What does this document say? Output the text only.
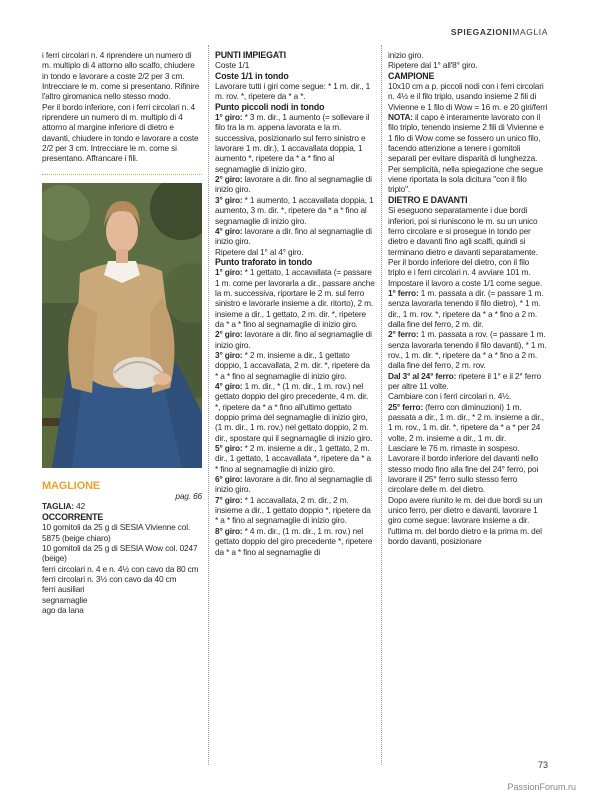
SPIEGAZIONIMAGLIA

i ferri circolari n. 4 riprendere un numero di m. multiplo di 4 attorno allo scalfo, chiudere in tondo e lavorare a coste 2/2 per 3 cm. Intrecciare le m. come si presentano. Rifinire l'altro giromanica nello stesso modo.

Per il bordo inferiore, con i ferri circolari n. 4 riprendere un numero di m. multiplo di 4 attorno al margine inferiore di dietro e davanti, chiudere in tondo e lavorare a coste 2/2 per 3 cm. Intrecciare le m. come si presentano. Affrancare i fili.

MAGLIONE

pag. 66

TAGLIA: 42

OCCORRENTE

10 gomitoli da 25 g di SESIA Vivienne col. 5875 (beige chiaro)

10 gomitoli da 25 g di SESIA Wow col. 0247 (beige)

ferri circolari n. 4 e n. 4½ con cavo da 80 cm

ferri circolari n. 3½ con cavo da 40 cm

ferri ausiliari

segnamaglie

ago da lana

PUNTI IMPIEGATI

Coste 1/1

Coste 1/1 in tondo

Lavorare tutti i giri come segue: * 1 m. dir., 1 m. rov. *, ripetere da * a *.

Punto piccoli nodi in tondo

1° giro: * 3 m. dir., 1 aumento (= sollevare il filo tra la m. appena lavorata e la m. successiva, posizionarlo sul ferro sinistro e lavorare 1 m. dir.), 1 accavallata doppia, 1 aumento *, ripetere da * a * fino al segnamaglie di inizio giro.

2° giro: lavorare a dir. fino al segnamaglie di inizio giro.

3° giro: * 1 aumento, 1 accavallata doppia, 1 aumento, 3 m. dir. *, ripetere da * a * fino al segnamaglie di inizio giro.

4° giro: lavorare a dir. fino al segnamaglie di inizio giro.

Ripetere dal 1° al 4° giro.

Punto traforato in tondo

1° giro: * 1 gettato, 1 accavallata (= passare 1 m. come per lavorarla a dir., passare anche la m. successiva, riportare le 2 m. sul ferro sinistro e lavorarle insieme a dir. ritorto), 2 m. insieme a dir., 1 gettato, 2 m. dir. *, ripetere da * a * fino al segnamaglie di inizio giro.

2° giro: lavorare a dir. fino al segnamaglie di inizio giro.

3° giro: * 2 m. insieme a dir., 1 gettato doppio, 1 accavallata, 2 m. dir. *, ripetere da * a * fino al segnamaglie di inizio giro.

4° giro: 1 m. dir., * (1 m. dir., 1 m. rov.) nel gettato doppio del giro precedente, 4 m. dir. *, ripetere da * a * fino all'ultimo gettato doppio prima del segnamaglie di inizio giro, (1 m. dir., 1 m. rov.) nel gettato doppio, 2 m. dir., spostare qui il segnamaglie di inizio giro.

5° giro: * 2 m. insieme a dir., 1 gettato, 2 m. dir., 1 gettato, 1 accavallata *, ripetere da * a * fino al segnamaglie di inizio giro.

6° giro: lavorare a dir. fino al segnamaglie di inizio giro.

7° giro: * 1 accavallata, 2 m. dir., 2 m. insieme a dir., 1 gettato doppio *, ripetere da * a * fino al segnamaglie di inizio giro.

8° giro: * 4 m. dir., (1 m. dir., 1 m. rov.) nel gettato doppio del giro precedente *, ripetere da * a * fino al segnamaglie di

inizio giro.

Ripetere dal 1° all'8° giro.

CAMPIONE

10x10 cm a p. piccoli nodi con i ferri circolari n. 4½ e il filo triplo, usando insieme 2 fili di Vivienne e 1 filo di Wow = 16 m. e 20 giri/ferri

NOTA: il capo è interamente lavorato con il filo triplo, tenendo insieme 2 fili di Vivienne e 1 filo di Wow come se fossero un unico filo, facendo attenzione a tenere i gomitoli separati per evitare disparità di lunghezza. Per semplicità, nella spiegazione che segue viene riportata la sola dicitura "con il filo triplo".

DIETRO E DAVANTI

Si eseguono separatamente i due bordi inferiori, poi si riuniscono le m. su un unico ferro circolare e si prosegue in tondo per dietro e davanti fino agli scalfi, quindi si terminano dietro e davanti separatamente.

Per il bordo inferiore del dietro, con il filo triplo e i ferri circolari n. 4 avviare 101 m. Impostare il lavoro a coste 1/1 come segue.

1° ferro: 1 m. passata a dir. (= passare 1 m. senza lavorarla tenendo il filo dietro), * 1 m. dir., 1 m. rov. *, ripetere da * a * fino a 2 m. dalla fine del ferro, 2 m. dir.

2° ferro: 1 m. passata a rov. (= passare 1 m. senza lavorarla tenendo il filo davanti), * 1 m. rov., 1 m. dir. *, ripetere da * a * fino a 2 m. dalla fine del ferro, 2 m. rov.

Dal 3° al 24° ferro: ripetere il 1° e il 2° ferro per altre 11 volte.

Cambiare con i ferri circolari n. 4½.

25° ferro: (ferro con diminuzioni) 1 m. passata a dir., 1 m. dir., * 2 m. insieme a dir., 1 m. rov., 1 m. dir. *, ripetere da * a * per 24 volte, 2 m. insieme a dir., 1 m. dir.

Lasciare le 76 m. rimaste in sospeso.

Lavorare il bordo inferiore del davanti nello stesso modo fino alla fine del 24° ferro, poi lavorare il 25° ferro sullo stesso ferro circolare delle m. del dietro.

Dopo avere riunito le m. dei due bordi su un unico ferro, per dietro e davanti, lavorare 1 giro come segue: lavorare insieme a dir. l'ultima m. del bordo dietro e la prima m. del bordo davanti, posizionare

73
PassionForum.ru
